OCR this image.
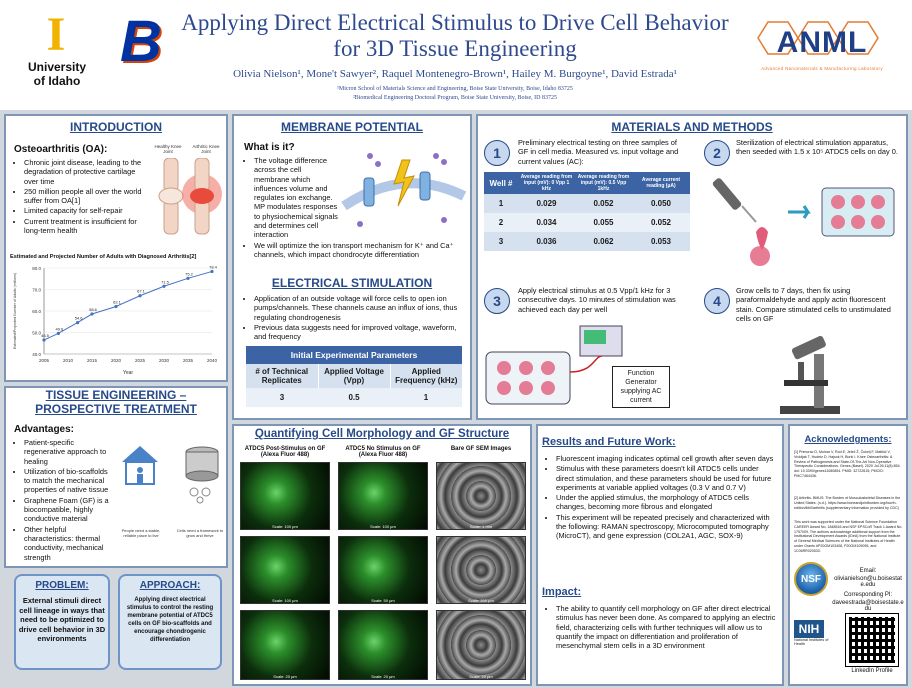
I
University
of Idaho
B Applying Direct Electrical Stimulus to Drive Cell Behavior for 3D Tissue Engineering
Olivia Nielson¹, Mone't Sawyer², Raquel Montenegro-Brown¹, Hailey M. Burgoyne¹, David Estrada¹
¹Micron School of Materials Science and Engineering, Boise State University, Boise, Idaho 83725
²Biomedical Engineering Doctoral Program, Boise State University, Boise, ID 83725
ANML
Advanced Nanomaterials & Manufacturing Laboratory
INTRODUCTION
Osteoarthritis (OA):
• Chronic joint disease, leading to the degradation of protective cartilage over time
• 250 million people all over the world suffer from OA[1]
• Limited capacity for self-repair
• Current treatment is insufficient for long-term health
Healthy Knee Joint
Arthritic Knee Joint
Estimated and Projected Number of Adults with Diagnosed Arthritis[2]
40.0
50.0
60.0
70.0
80.0
2005	2010	2015	2020	2025	2030	2035	2040
Year
Estimated/Projected Number of Adults (millions)	46.5
49.6
54.6
58.6
62.1
67.1
71.5
75.2
78.4
TISSUE ENGINEERING –
PROSPECTIVE TREATMENT
Advantages:
• Patient-specific regenerative approach to healing
• Utilization of bio-scaffolds to match the mechanical properties of native tissue
• Graphene Foam (GF) is a biocompatible, highly conductive material
• Other helpful characteristics: thermal conductivity, mechanical strength
People need a stable, reliable place to live
Cells need a framework to grow and thrive
PROBLEM:
External stimuli direct cell lineage in ways that need to be optimized to drive cell behavior in 3D environments
APPROACH:
Applying direct electrical stimulus to control the resting membrane potential of ATDC5 cells on GF bio-scaffolds and encourage chondrogenic differentiation
MEMBRANE POTENTIAL
What is it?
• The voltage difference across the cell membrane which influences volume and regulates ion exchange. MP modulates responses to physiochemical signals and determines cell interaction
• We will optimize the ion transport mechanism for K⁺ and Ca⁺ channels, which impact chondrocyte differentiation
ELECTRICAL STIMULATION
• Application of an outside voltage will force cells to open ion pumps/channels. These channels cause an influx of ions, thus regulating chondrogenesis
• Previous data suggests need for improved voltage, waveform, and frequency
Initial Experimental Parameters
# of Technical Replicates	Applied Voltage (Vpp)	Applied Frequency (kHz)
3	0.5	1
MATERIALS AND METHODS
1
Preliminary electrical testing on three samples of GF in cell media. Measured vs. input voltage and current values (AC):
Well #	Average reading from input (mV): 0 Vpp 1 kHz	Average reading from input (mV): 0.5 Vpp 1kHz	Average current reading (µA)
1	0.029	0.052	0.050
2	0.034	0.055	0.052
3	0.036	0.062	0.053
2
Sterilization of electrical stimulation apparatus, then seeded with 1.5 x 10⁵ ATDC5 cells on day 0.
3
Apply electrical stimulus at 0.5 Vpp/1 kHz for 3 consecutive days. 10 minutes of stimulation was achieved each day per well
Function Generator supplying AC current
4
Grow cells to 7 days, then fix using paraformaldehyde and apply actin fluorescent stain. Compare stimulated cells to unstimulated cells on GF
Quantifying Cell Morphology and GF Structure
ATDC5 Post-Stimulus on GF (Alexa Fluor 488)
ATDC5 No Stimulus on GF (Alexa Fluor 488)
Bare GF SEM Images
Scale: 100 µm	Scale: 100 µm	Scale: 1 mm
Scale: 100 µm	Scale: 50 µm	Scale: 200 µm
Scale: 20 µm	Scale: 20 µm	Scale: 20 µm
Results and Future Work:
• Fluorescent imaging indicates optimal cell growth after seven days
• Stimulus with these parameters doesn't kill ATDC5 cells under direct stimulation, and these parameters should be used for future experiments at variable applied voltages (0.3 V and 0.7 V)
• Under the applied stimulus, the morphology of ATDC5 cells changes, becoming more fibrous and elongated
• This experiment will be repeated precisely and characterized with the following: RAMAN spectroscopy, Microcomputed tomography (MicroCT), and gene expression (COL2A1, AGC, SOX-9)
Impact:
• The ability to quantify cell morphology on GF after direct electrical stimulus has never been done. As compared to applying an electric field, characterizing cells with further techniques will allow us to quantify the impact on differentiation and proliferation of mesenchymal stem cells in a 3D environment
Acknowledgments:
[1] Primorac D, Molnar V, Rod E, Jeleč Ž, Čukelj F, Matišić V, Vrdoljak T, Hudetz D, Hajsok H, Borić I. Knee Osteoarthritis: A Review of Pathogenesis and State-Of-The-Art Non-Operative Therapeutic Considerations. Genes (Basel). 2020 Jul 26;11(8):854. doi: 10.3390/genes11080854. PMID: 32722615; PMCID: PMC7464436.
[2] Arthritis. BMUS: The Burden of Musculoskeletal Diseases in the United States. (n.d.). https://www.boneandjointburden.org/fourth-edition/iiib0/arthritis (supplementary information provided by CDC)
This work was supported under the National Science Foundation CAREER Award No. 1848516 and NSF EPSCoR Track 1 Award No. 1757009. The authors acknowledge additional support from the Institutional Development Awards (IDeA) from the National Institute of General Medical Sciences of the National Institutes of Health under Grants #P20GM103408, P20GM109095, and 1C06RR020533.
NSF
Email:
olivianielson@u.boisestate.edu
Corresponding PI:
daveestrada@boisestate.edu
NIH
National Institutes of Health
LinkedIn Profile
